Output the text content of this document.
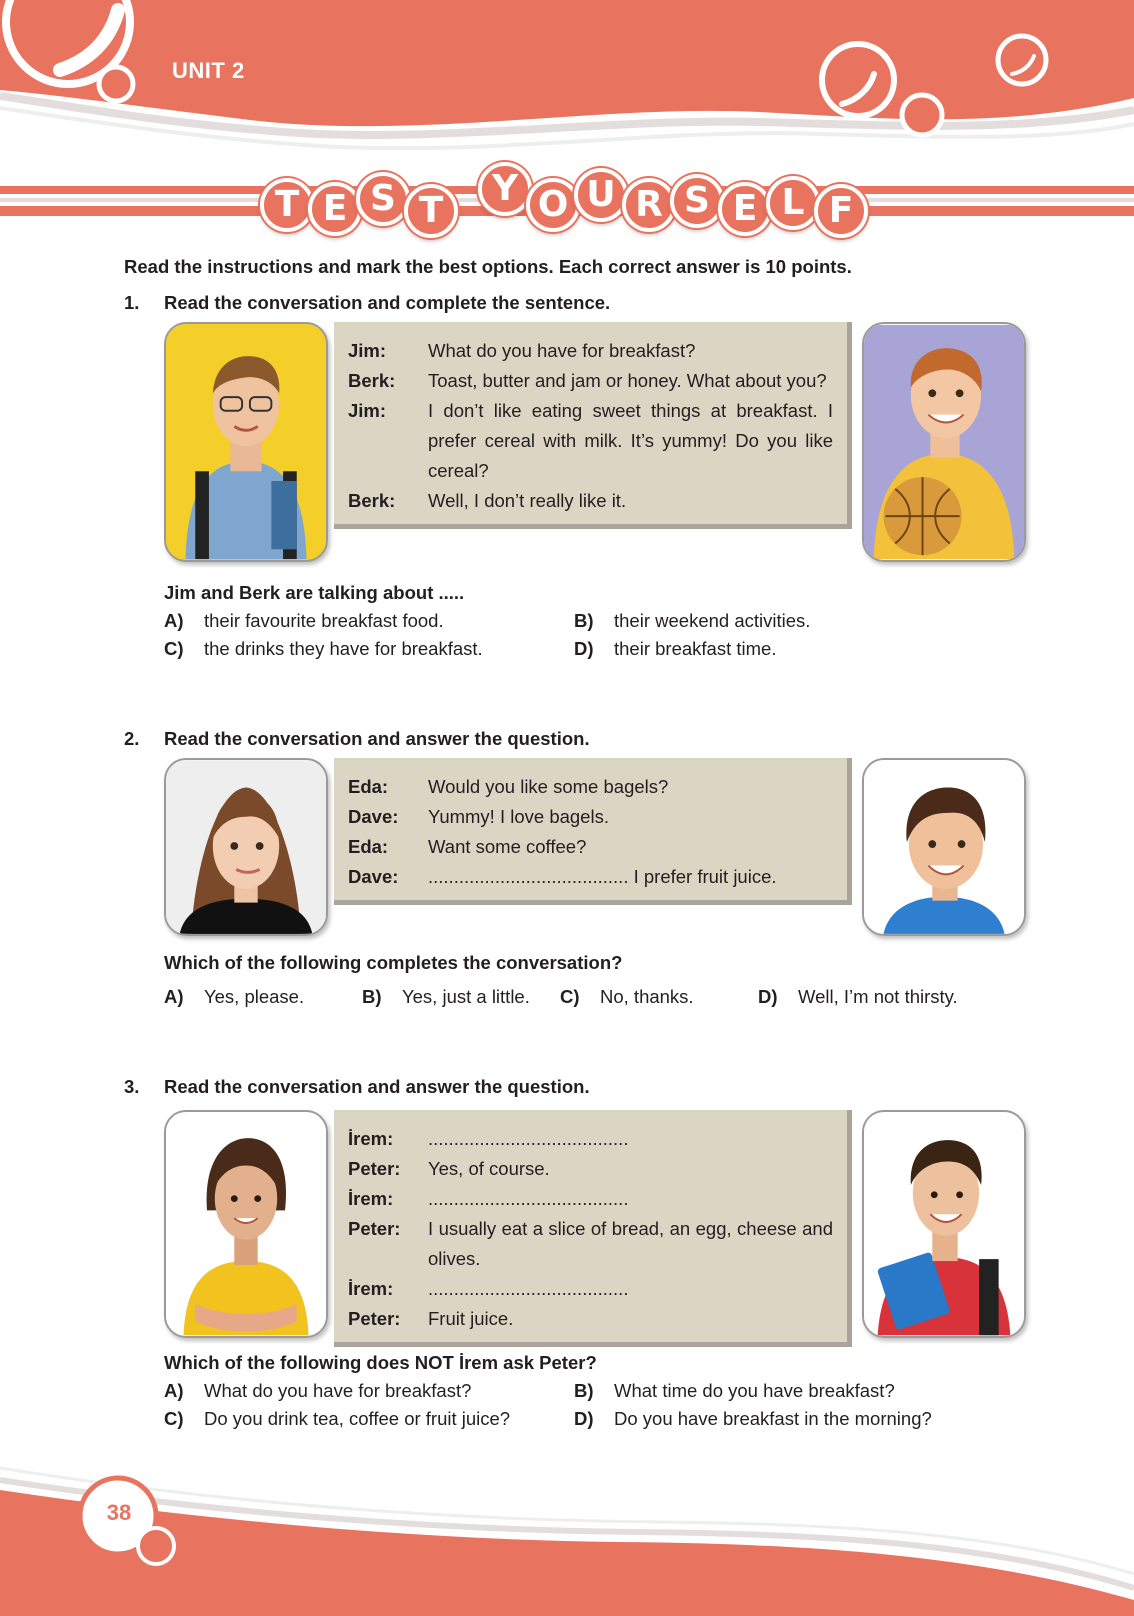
UNIT 2
T E S T
Y O U R S E L F
Read the instructions and mark the best options. Each correct answer is 10 points.
1. Read the conversation and complete the sentence.
Jim:	What do you have for breakfast?
Berk:	Toast, butter and jam or honey. What about you?
Jim:	I don’t like eating sweet things at breakfast. I prefer cereal with milk. It’s yummy! Do you like cereal?
Berk:	Well, I don’t really like it.
Jim and Berk are talking about .....
A) their favourite breakfast food.	B) their weekend activities.
C) the drinks they have for breakfast.	D) their breakfast time.
2. Read the conversation and answer the question.
Eda:	Would you like some bagels?
Dave:	Yummy! I love bagels.
Eda:	Want some coffee?
Dave:	....................................... I prefer fruit juice.
Which of the following completes the conversation?
A) Yes, please.	B) Yes, just a little. C) No, thanks.	D) Well, I’m not thirsty.
3. Read the conversation and answer the question.
İrem:	.......................................
Peter:	Yes, of course.
İrem:	.......................................
Peter:	I usually eat a slice of bread, an egg, cheese and olives.
İrem:	.......................................
Peter:	Fruit juice.
Which of the following does NOT İrem ask Peter?
A) What do you have for breakfast?	B) What time do you have breakfast?
C) Do you drink tea, coffee or fruit juice?	D) Do you have breakfast in the morning?
38
